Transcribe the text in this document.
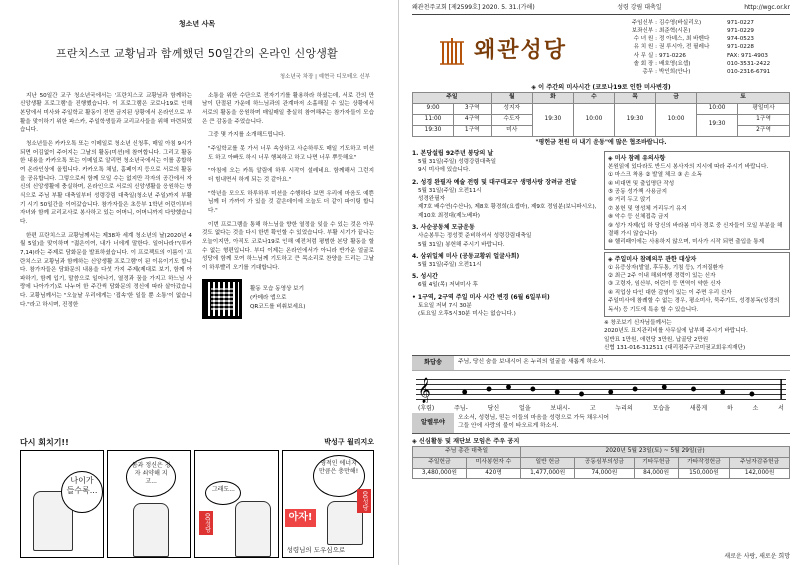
청소년 사목
프란치스코 교황님과 함께했던 50일간의 온라인 신앙생활
청소년국 차장 | 예현극 디모테오 신부

지난 50일간 교구 청소년국에서는 '프란치스코 교황님과 함께하는 신앙생활 프로그램'을 진행했습니다. 이 프로그램은 코로나19로 인해 본당에서 미사와 주일학교 활동이 전면 금지된 상황에서 온라인으로 부활을 맞이하기 위한 파스카, 주일학생들과 교리교사들을 위해 마련되었습니다.

청소년들은 카카오톡 또는 이메일로 청소년 신청후, 매일 아침 9시가 되면 어김없이 주어지는 그날의 활동(미션)에 참여합니다. 그리고 활동한 내용을 카카오톡 또는 이메일로 알리면 청소년국에서는 이를 종합하여 온라인상에 올립니다. 카카오톡 채널, 홈페이지 등으로 서로의 활동을 공유합니다. 그렇으로써 함께 모일 수는 없지만 각자의 공간에서 자신의 신앙생활에 충실하며, 온라인으로 서로의 신앙생활을 응원하는 방식으로 주님 부활 대축일부터 성령강림 대축일(청소년 주일)까지 부활기 시기 50일간을 이어갔습니다. 참가자들은 초등부 1학년 어린이부터 자녀와 함께 교리교사로 봉사하고 있는 어머니, 어머니까지 다양했습니다.

한편 프란치스코 교황님께서는 제38차 세계 청소년의 날(2020년 4월 5일)을 맞이하며 "젊은이여, 내가 너에게 말한다. 일어나라!"(루카 7,14)라는 주제로 담화문을 발표하셨습니다. 이 프로젝트의 이름이 '프란치스코 교황님과 함께하는 신앙생활 프로그램'이 된 이유이기도 합니다. 참가자들은 담화문의 내용을 다섯 가지 주제(제대로 보기, 함께 아파하기, 함께 입기, 말씀으로 일어나기, 열정과 꿈을 가지고 하느님 사랑에 나아가기)로 나누어 한 주간씩 담화문의 정신에 따라 살아갔습니다. 교황님께서는 "오늘날 우리에게는 '접속'한 일들 뿐 소통'이 없습니다."라고 하시며, 진정한

소통을 위한 수단으로 전자기기를 활용하라 하셨는데, 서로 간의 만남이 단절된 가운데 하느님과의 관계마저 소홀해질 수 있는 상황에서 서로의 활동을 응원하며 매일매일 충실히 참여해주는 참가자들이 모습은 큰 감동을 주었습니다.

그중 몇 가지를 소개해드립니다.

"주일학교를 못 가서 너무 속상하고 사순하루도 매일 기도하고 미션도 하고 아빠도 하시 너무 행복하고 하고 나면 너무 뿌듯해요"

"아침에 오는 카톡 알림에 하루 시작이 설레네요. 함께해서 그런지 더 힘내면서 하게 되는 것 같아요."

"학년을 모으도 하루하루 미션을 수행하다 보면 우리에 마음도 예쁜님께 더 가까이 가 있을 것 같은데이에 오늘도 더 같이 파이팅 합니다."

이번 프로그램을 통해 하느님을 향한 열정을 잊을 수 있는 것은 아무것도 없다는 것을 다시 한번 확인할 수 있었습니다. 부활 시기가 끝나는 오늘이지만, 아직도 코로나19로 인해 예전처럼 평범한 본당 활동을 할 수 없는 형편입니다. 부디 이제는 온라인에서가 아니라 반가운 얼굴로 성당에 함께 모여 하느님께 기도하고 큰 목소리로 찬양을 드리는 그날이 하루빨리 오기를 기대합니다.

활동 모습 동영상 보기
(카메라 앱으로
QR코드를 비춰보세요)
다시 회치기!!	박성구 월리지오
나이가 들수록...
몸과 정신은 청자 쇠약해 지고...
그래도...
00성당
영적인 에너지 만큼은 충만해!
아자!
00성당
성령님의 도우심으로
왜관천주교회 [제2599호] 2020. 5. 31.(가해)	성령 강림 대축일	http://wgc.or.kr
왜관성당
주임신부 : 김수영(바실리오)	971-0227
보좌신부 : 최준혁(시몬)	971-0229
수 녀 원 : 정 아녜스, 최 바벤다	974-0523
유 치 원 : 권 루시아, 전 필레나	971-0228
사 무 실 : 971-0226	FAX: 971-4903
솔 회 장 : 배호영(요셉)	010-3531-2422
총무 : 박인희(안나)	010-2316-6791
◈ 이 주간의 미사시간 (코로나19로 인한 미사변경)
주일		월	화	수	목	금	토	
9:00	3구역	성지자	19:30	10:00	19:30	10:00	10:00	평일미사
11:00	4구역	수도자					19:30	1구역
19:30	1구역	미사						2구역
"평헌금 천원 더 내기 운동"에 많은 협조바랍니다.
1. 본당설립 92주년 봉당의 날
5월 31일(주일) 성령강림대축일
9시 미사에 있습니다.
2. 성경 완필자 예술 전령 및 대구대교구 생명사랑 장려금 전달
5월 31일(주일) 오전11시
성경완필자
제7호 배수연(수산나), 제8호 황경희(요셉마), 제9호 정임분(보니파시오), 제10호 최정대(제노베파)
3. 사순공동체 모금운동
사순봉투는 정성껏 준비하셔서 성령강림대축일
5월 31일) 봉헌해 주시기 바랍니다.
4. 삼위일체 미사 (공동교황위 얼굴사회)
5월 31일(주일) 오전11시
5. 성시간
6월 4일(목) 저녁미사 후
• 1구역, 2구역 주일 미사 시간 변경 (6월 6일부터)
토요일 저녁 7시 30분
(토요일 오후5시30분 미사는 없습니다.)
◈ 미사 참례 유의사항
본원읽에 있다라도 반드시 봉사자의 지시에 따라 주시기 바랍니다.
① 마스크 착용 ② 발열 체크 ③ 손 소독
④ 비대면 및 출입명단 작성
⑤ 공동 성가책 사용금지
⑥ 거리 두고 앉기
⑦ 봉헌 및 영성체 거리두기 유지
⑧ 악수 등 신체접촉 금지
⑨ 성가 자제(입 하 당신의 바라봄 미사 경로 중 신자들이 모일 부분을 해결해 가시 않습니다)
⑩ 헬리패이에는 사용하지 않으며, 미사가 시작 되면 출입을 통제
◈ 주일미사 참례의무 관한 대상자
① 유증상자(발열, 후두통, 기침 등), 기저질환자
② 최근 2주 이내 해외여행 경력이 있는 신자
③ 고령자, 임산부, 어린이 등 면역이 약한 신자
④ 직업상 다인 대한 감염이 있는 이 주면 우리 신자
주일미사에 참례할 수 없는 경우, 평소미사, 묵주기도, 성경봉독(성경의 독서) 등 기도에 특송 할 수 있습니다.
※ 창조보기 신자님들께서는
2020년도 묘지관리비를 사무실에 납부해 주시기 바랍니다.
일반묘 1만원, 애련당 3만원, 납골당 2만원
신협 131-016-312511 (대리점주구코미권교회유지재단)
화답송	주님, 당신 숨을 보내시어 온 누리의 얼굴을 새롭게 하소서.
𝄞
(후렴)	주님-	당신	얼을	보내시-	고	누리의	모습을	새롭게	하	소	서
알렐루야
오소서, 성령님, 믿는 이들의 마음을 성령으로 가득 채우시어
그들 안에 사랑의 불이 타오르게 하소서.
◈ 신심활동 및 재단보 모임은 주우 공지
주님 총관 대축일		2020년 5월 23일(토) ~ 5월 29일(금)				
주일헌금	미사봉헌자 수	일반 헌금	공동심부의성금	기타두헌금	가타작정헌금	주님자감쥬헌금
3,480,000원	420명	1,477,000원	74,000원	84,000원	150,000원	142,000원
새로운 사랑, 새로운 희망
